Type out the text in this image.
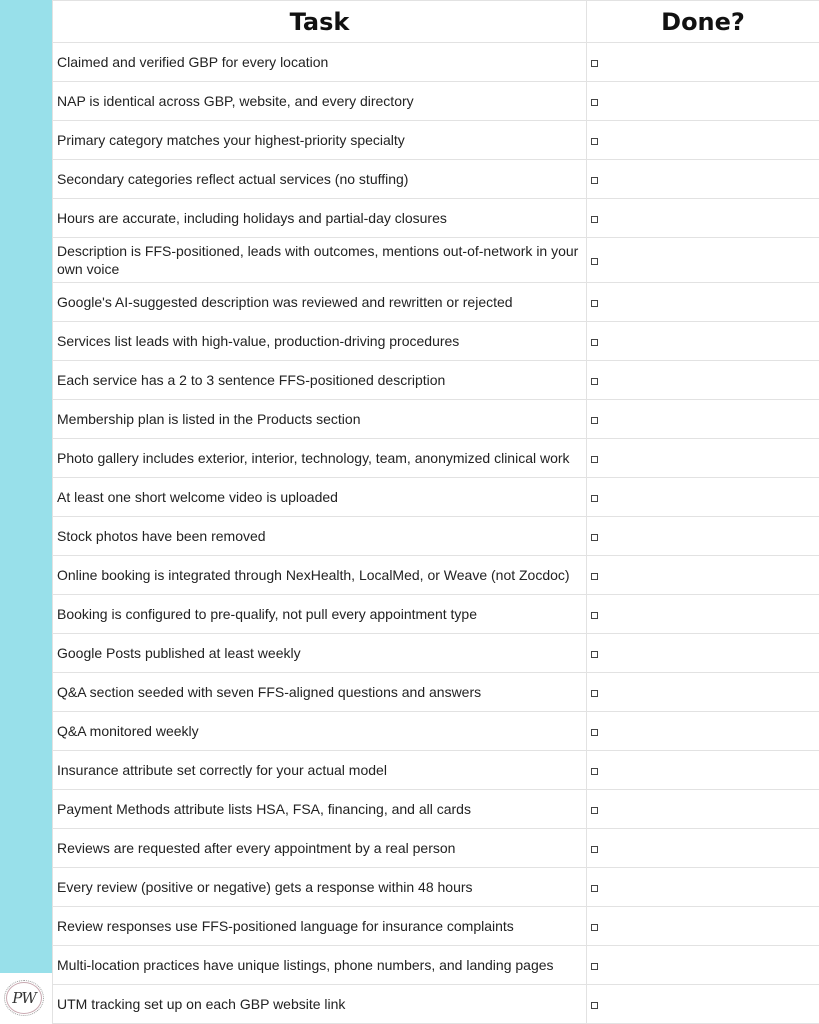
PW
Task	Done?
Claimed and verified GBP for every location	
NAP is identical across GBP, website, and every directory	
Primary category matches your highest-priority specialty	
Secondary categories reflect actual services (no stuffing)	
Hours are accurate, including holidays and partial-day closures	
Description is FFS-positioned, leads with outcomes, mentions out-of-network in your own voice	
Google's AI-suggested description was reviewed and rewritten or rejected	
Services list leads with high-value, production-driving procedures	
Each service has a 2 to 3 sentence FFS-positioned description	
Membership plan is listed in the Products section	
Photo gallery includes exterior, interior, technology, team, anonymized clinical work	
At least one short welcome video is uploaded	
Stock photos have been removed	
Online booking is integrated through NexHealth, LocalMed, or Weave (not Zocdoc)	
Booking is configured to pre-qualify, not pull every appointment type	
Google Posts published at least weekly	
Q&A section seeded with seven FFS-aligned questions and answers	
Q&A monitored weekly	
Insurance attribute set correctly for your actual model	
Payment Methods attribute lists HSA, FSA, financing, and all cards	
Reviews are requested after every appointment by a real person	
Every review (positive or negative) gets a response within 48 hours	
Review responses use FFS-positioned language for insurance complaints	
Multi-location practices have unique listings, phone numbers, and landing pages	
UTM tracking set up on each GBP website link	
